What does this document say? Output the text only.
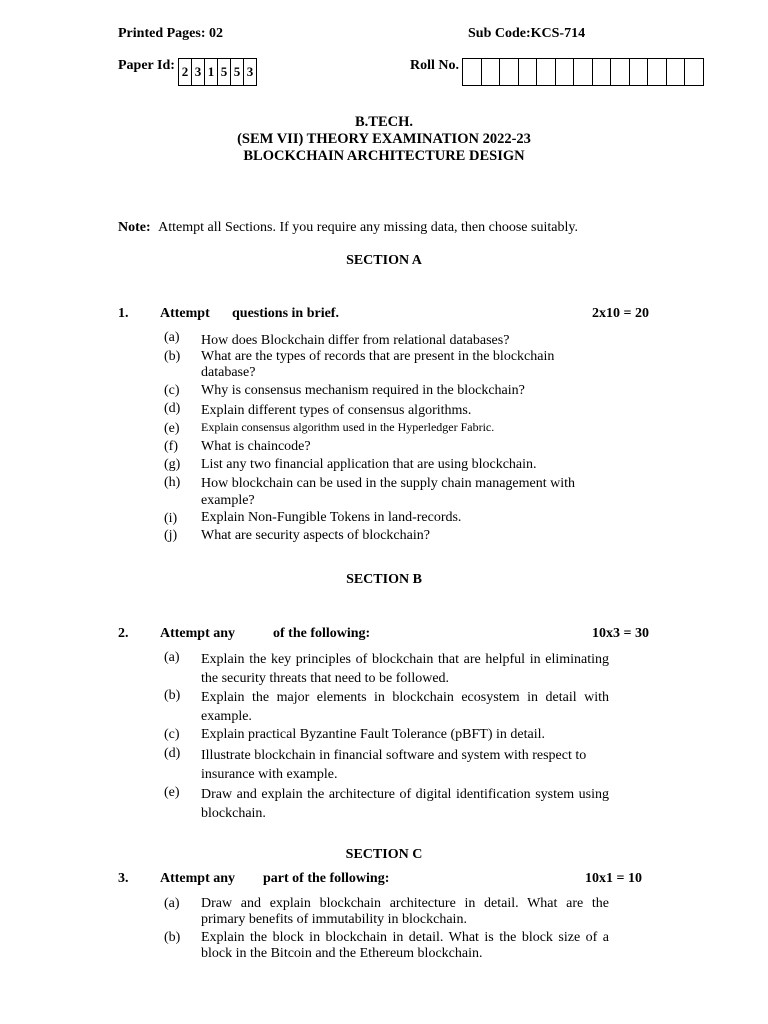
Printed Pages: 02	Sub Code:KCS-714
Paper Id: 2 3 1 5 5 3	Roll No.
B.TECH.
(SEM VII) THEORY EXAMINATION 2022-23
BLOCKCHAIN ARCHITECTURE DESIGN
Note: Attempt all Sections. If you require any missing data, then choose suitably.
SECTION A
1. Attempt questions in brief.	2x10 = 20
(a) How does Blockchain differ from relational databases?
(b) What are the types of records that are present in the blockchain database?
(c) Why is consensus mechanism required in the blockchain?
(d) Explain different types of consensus algorithms.
(e) Explain consensus algorithm used in the Hyperledger Fabric.
(f) What is chaincode?
(g) List any two financial application that are using blockchain.
(h) How blockchain can be used in the supply chain management with example?
(i) Explain Non-Fungible Tokens in land-records.
(j) What are security aspects of blockchain?
SECTION B
2. Attempt any	of the following:	10x3 = 30
(a) Explain the key principles of blockchain that are helpful in eliminating the security threats that need to be followed.
(b) Explain the major elements in blockchain ecosystem in detail with example.
(c) Explain practical Byzantine Fault Tolerance (pBFT) in detail.
(d) Illustrate blockchain in financial software and system with respect to insurance with example.
(e) Draw and explain the architecture of digital identification system using blockchain.
SECTION C
3. Attempt any part of the following:	10x1 = 10
(a) Draw and explain blockchain architecture in detail. What are the primary benefits of immutability in blockchain.
(b) Explain the block in blockchain in detail. What is the block size of a block in the Bitcoin and the Ethereum blockchain.
